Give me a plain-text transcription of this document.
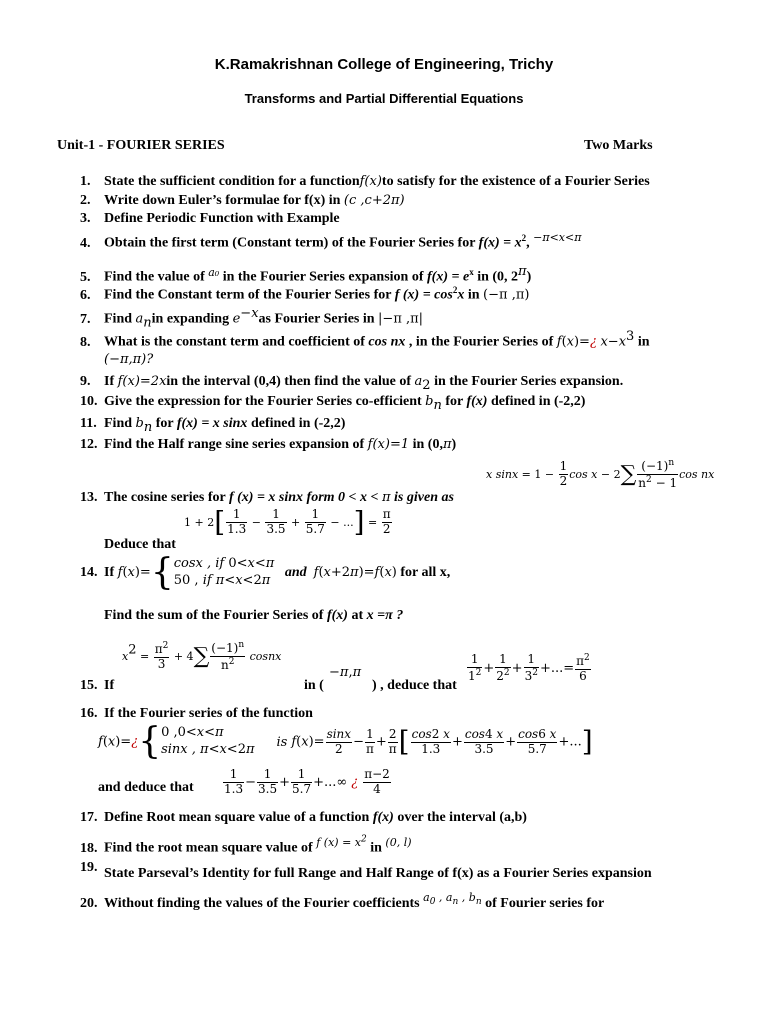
K.Ramakrishnan College of Engineering, Trichy
Transforms and Partial Differential Equations
Unit-1 - FOURIER SERIES	Two Marks
1. State the sufficient condition for a functionf(x)to satisfy for the existence of a Fourier Series
2. Write down Euler’s formulae for f(x) in (c ,c+2π)
3. Define Periodic Function with Example
4. Obtain the first term (Constant term) of the Fourier Series for $f(x) = x^2$, $^{-\pi<x<\pi}$
5. Find the value of $^{a_0}$ in the Fourier Series expansion of $f(x) = e^x$ in (0, $2^\pi$)
6. Find the Constant term of the Fourier Series for f $(x) = \cos^2x$ in (−π ,π)
7. Find $a_nin$ expanding $e^{-x}as$ Fourier Series in |−π ,π|
8. What is the constant term and coefficient of cos nx , in the Fourier Series of f(x)=¿ $x-x^3$ in
(−π,π)?
9. If f(x)=2xin the interval (0,4) then find the value of $a_2$ in the Fourier Series expansion.
10. Give the expression for the Fourier Series co-efficient $b_n$ for f(x) defined in (-2,2)
11. Find $b_n$ for f(x) = x sinx defined in (-2,2)
12. Find the Half range sine series expansion of f(x)=1 in (0,π)
x $\sin x = 1 - \frac{1}{2}$ $\cos x - 2\sum \frac{(-1)^n}{n^2 - 1}$ cos nx
13. The cosine series for f (x) = x sinx form 0 < x < π is given as
$1 + 2[ \frac{1}{1.3} - \frac{1}{3.5} + \frac{1}{5.7}$ − ...] = $\frac{\pi}{2}$
Deduce that
14. If f(x)={cosx , if 0<x<π
50 , if π<x<2π   and f(x+2π)=f(x) for all x,
Find the sum of the Fourier Series of f(x) at x =π ?
$x^2 = \frac{\pi^2}{3} + 4\sum \frac{(-1)^n}{n^2}$ cosnx
−π,π	$\frac{1}{1^2} + \frac{1}{2^2} + \frac{1}{3^2}$ +...= $\frac{\pi^2}{6}$
15. If	in (	) , deduce that
16. If the Fourier series of the function
f(x)=¿{0 ,0<x<π
sinx , π<x<2π is $f(x)= \frac{\sin x}{2} - \frac{1}{\pi} + \frac{2}{\pi}$ [ $\frac{\cos 2 x}{1.3} + \frac{\cos 4 x}{3.5} + \frac{\cos 6 x}{5.7}$ +...]
and deduce that $\frac{1}{1.3} - \frac{1}{3.5} + \frac{1}{5.7}$ +...∞ ¿ $\frac{\pi-2}{4}$
17. Define Root mean square value of a function f(x) over the interval (a,b)
18. Find the root mean square value of $^{f (x) = x^2}$ in $^{(0, l)}$
19. State Parseval’s Identity for full Range and Half Range of f(x) as a Fourier Series expansion
20. Without finding the values of the Fourier coefficients $^{a_0 , a_n , b_n}$ of Fourier series for
